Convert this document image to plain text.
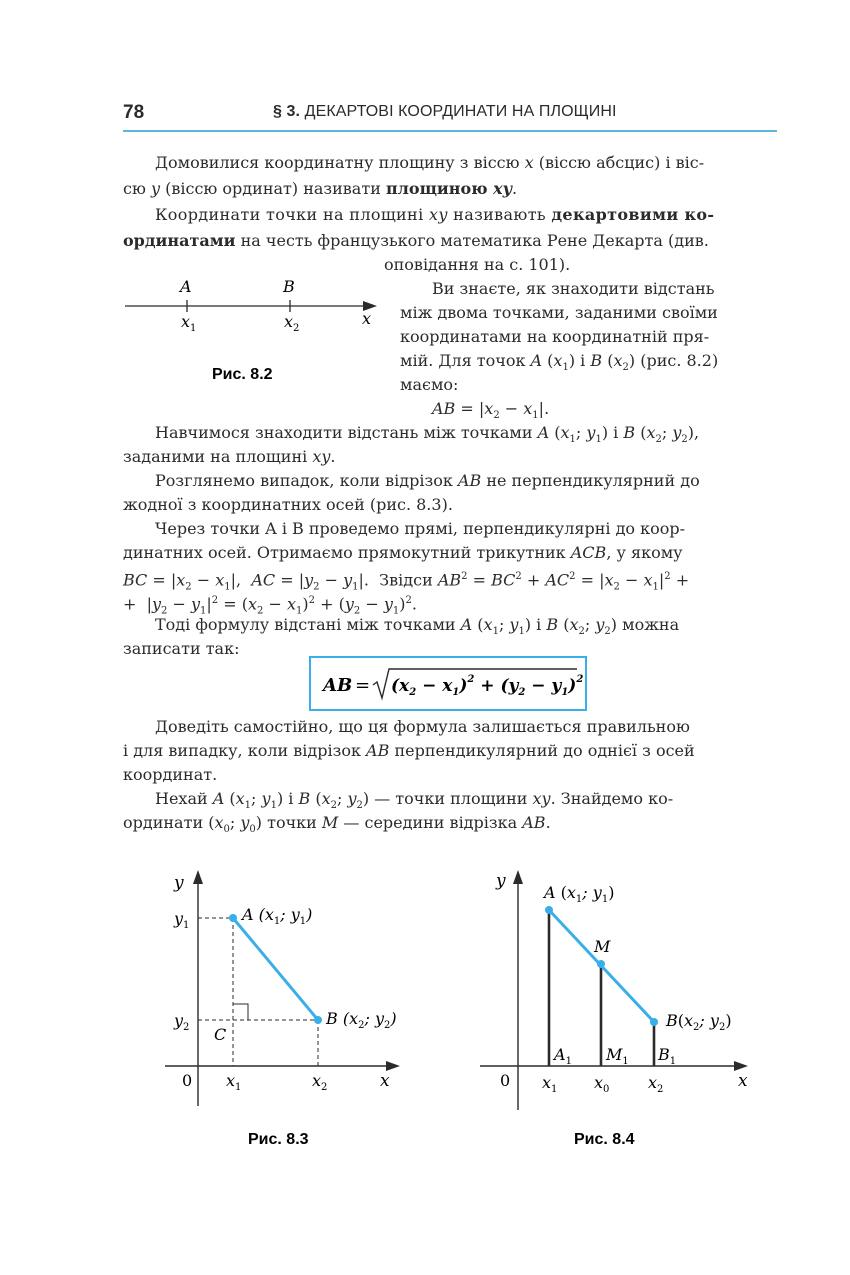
78	§ 3. ДЕКАРТОВІ КООРДИНАТИ НА ПЛОЩИНІ
Домовилися координатну площину з віссю x (віссю абсцис) і віс-
сю y (віссю ординат) називати площиною xy.
Координати точки на площині xy називають декартовими ко-
ординатами на честь французького математика Рене Декарта (див.
оповідання на с. 101).
A	B
$x_1$	$x_2$
x
Рис. 8.2
Ви знаєте, як знаходити відстань
між двома точками, заданими своїми
координатами на координатній пря-
мій. Для точок A $(x_1)$ і B $(x_2)$ (рис. 8.2)
маємо:
AB = $|x_2 - x_1|$.
Навчимося знаходити відстань між точками A ($x_1$; $y_1$) і B ($x_2$; $y_2$),
заданими на площині xy.
Розглянемо випадок, коли відрізок AB не перпендикулярний до
жодної з координатних осей (рис. 8.3).
Через точки A і B проведемо прямі, перпендикулярні до коор-
динатних осей. Отримаємо прямокутний трикутник ACB, у якому
BC = $|x_2 - x_1|$,  AC = $|y_2 - y_1|$.  Звідси $AB^2 = BC^2 + AC^2 = |x_2 - x_1|^2$ +
+  $|y_2 - y_1|^2 = (x_2 - x_1)^2 + (y_2 - y_1)^2$.
Тоді формулу відстані між точками A ($x_1$; $y_1$) і B ($x_2$; $y_2$) можна
записати так:
AB = $(x_2 - x_1)^2 + (y_2 - y_1)^2$
Доведіть самостійно, що ця формула залишається правильною
і для випадку, коли відрізок AB перпендикулярний до однієї з осей
координат.
Нехай A ($x_1$; $y_1$) і B ($x_2$; $y_2$) — точки площини xy. Знайдемо ко-
ординати ($x_0$; $y_0$) точки M — середини відрізка AB.
y
x
0
$y_1$
$y_2$
$x_1$	$x_2$
C
A ($x_1$; $y_1$)
B ($x_2$; $y_2$)
Рис. 8.3
y
x
0 $x_1$ $x_0$ $x_2$
$A_1$ $M_1$ $B_1$
A ($x_1$; $y_1$)
M
$B(x_2$; $y_2$)
Рис. 8.4
